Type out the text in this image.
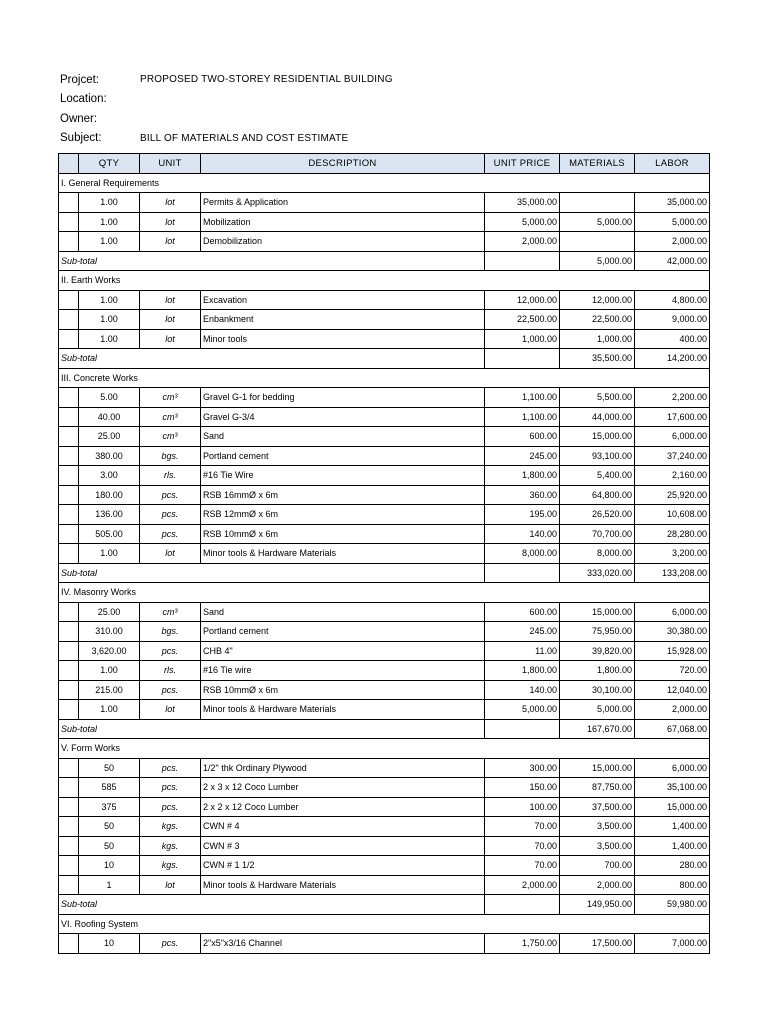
Projcet:	PROPOSED TWO-STOREY RESIDENTIAL BUILDING
Location:
Owner:
Subject:	BILL OF MATERIALS AND COST ESTIMATE
	QTY	UNIT	DESCRIPTION	UNIT PRICE	MATERIALS	LABOR
I. General Requirements						
	1.00	lot	Permits & Application	35,000.00		35,000.00
	1.00	lot	Mobilization	5,000.00	5,000.00	5,000.00
	1.00	lot	Demobilization	2,000.00		2,000.00
Sub-total					5,000.00	42,000.00
II. Earth Works						
	1.00	lot	Excavation	12,000.00	12,000.00	4,800.00
	1.00	lot	Enbankment	22,500.00	22,500.00	9,000.00
	1.00	lot	Minor tools	1,000.00	1,000.00	400.00
Sub-total					35,500.00	14,200.00
III. Concrete Works						
	5.00	cm³	Gravel G-1 for bedding	1,100.00	5,500.00	2,200.00
	40.00	cm³	Gravel G-3/4	1,100.00	44,000.00	17,600.00
	25.00	cm³	Sand	600.00	15,000.00	6,000.00
	380.00	bgs.	Portland cement	245.00	93,100.00	37,240.00
	3.00	rls.	#16 Tie Wire	1,800.00	5,400.00	2,160.00
	180.00	pcs.	RSB 16mmØ x 6m	360.00	64,800.00	25,920.00
	136.00	pcs.	RSB 12mmØ x 6m	195.00	26,520.00	10,608.00
	505.00	pcs.	RSB 10mmØ x 6m	140.00	70,700.00	28,280.00
	1.00	lot	Minor tools & Hardware Materials	8,000.00	8,000.00	3,200.00
Sub-total					333,020.00	133,208.00
IV. Masonry Works						
	25.00	cm³	Sand	600.00	15,000.00	6,000.00
	310.00	bgs.	Portland cement	245.00	75,950.00	30,380.00
	3,620.00	pcs.	CHB 4"	11.00	39,820.00	15,928.00
	1.00	rls.	#16 Tie wire	1,800.00	1,800.00	720.00
	215.00	pcs.	RSB 10mmØ x 6m	140.00	30,100.00	12,040.00
	1.00	lot	Minor tools & Hardware Materials	5,000.00	5,000.00	2,000.00
Sub-total					167,670.00	67,068.00
V. Form Works						
	50	pcs.	1/2" thk Ordinary Plywood	300.00	15,000.00	6,000.00
	585	pcs.	2 x 3 x 12 Coco Lumber	150.00	87,750.00	35,100.00
	375	pcs.	2 x 2 x 12 Coco Lumber	100.00	37,500.00	15,000.00
	50	kgs.	CWN # 4	70.00	3,500.00	1,400.00
	50	kgs.	CWN # 3	70.00	3,500.00	1,400.00
	10	kgs.	CWN # 1 1/2	70.00	700.00	280.00
	1	lot	Minor tools & Hardware Materials	2,000.00	2,000.00	800.00
Sub-total					149,950.00	59,980.00
VI. Roofing System						
	10	pcs.	2"x5"x3/16 Channel	1,750.00	17,500.00	7,000.00
